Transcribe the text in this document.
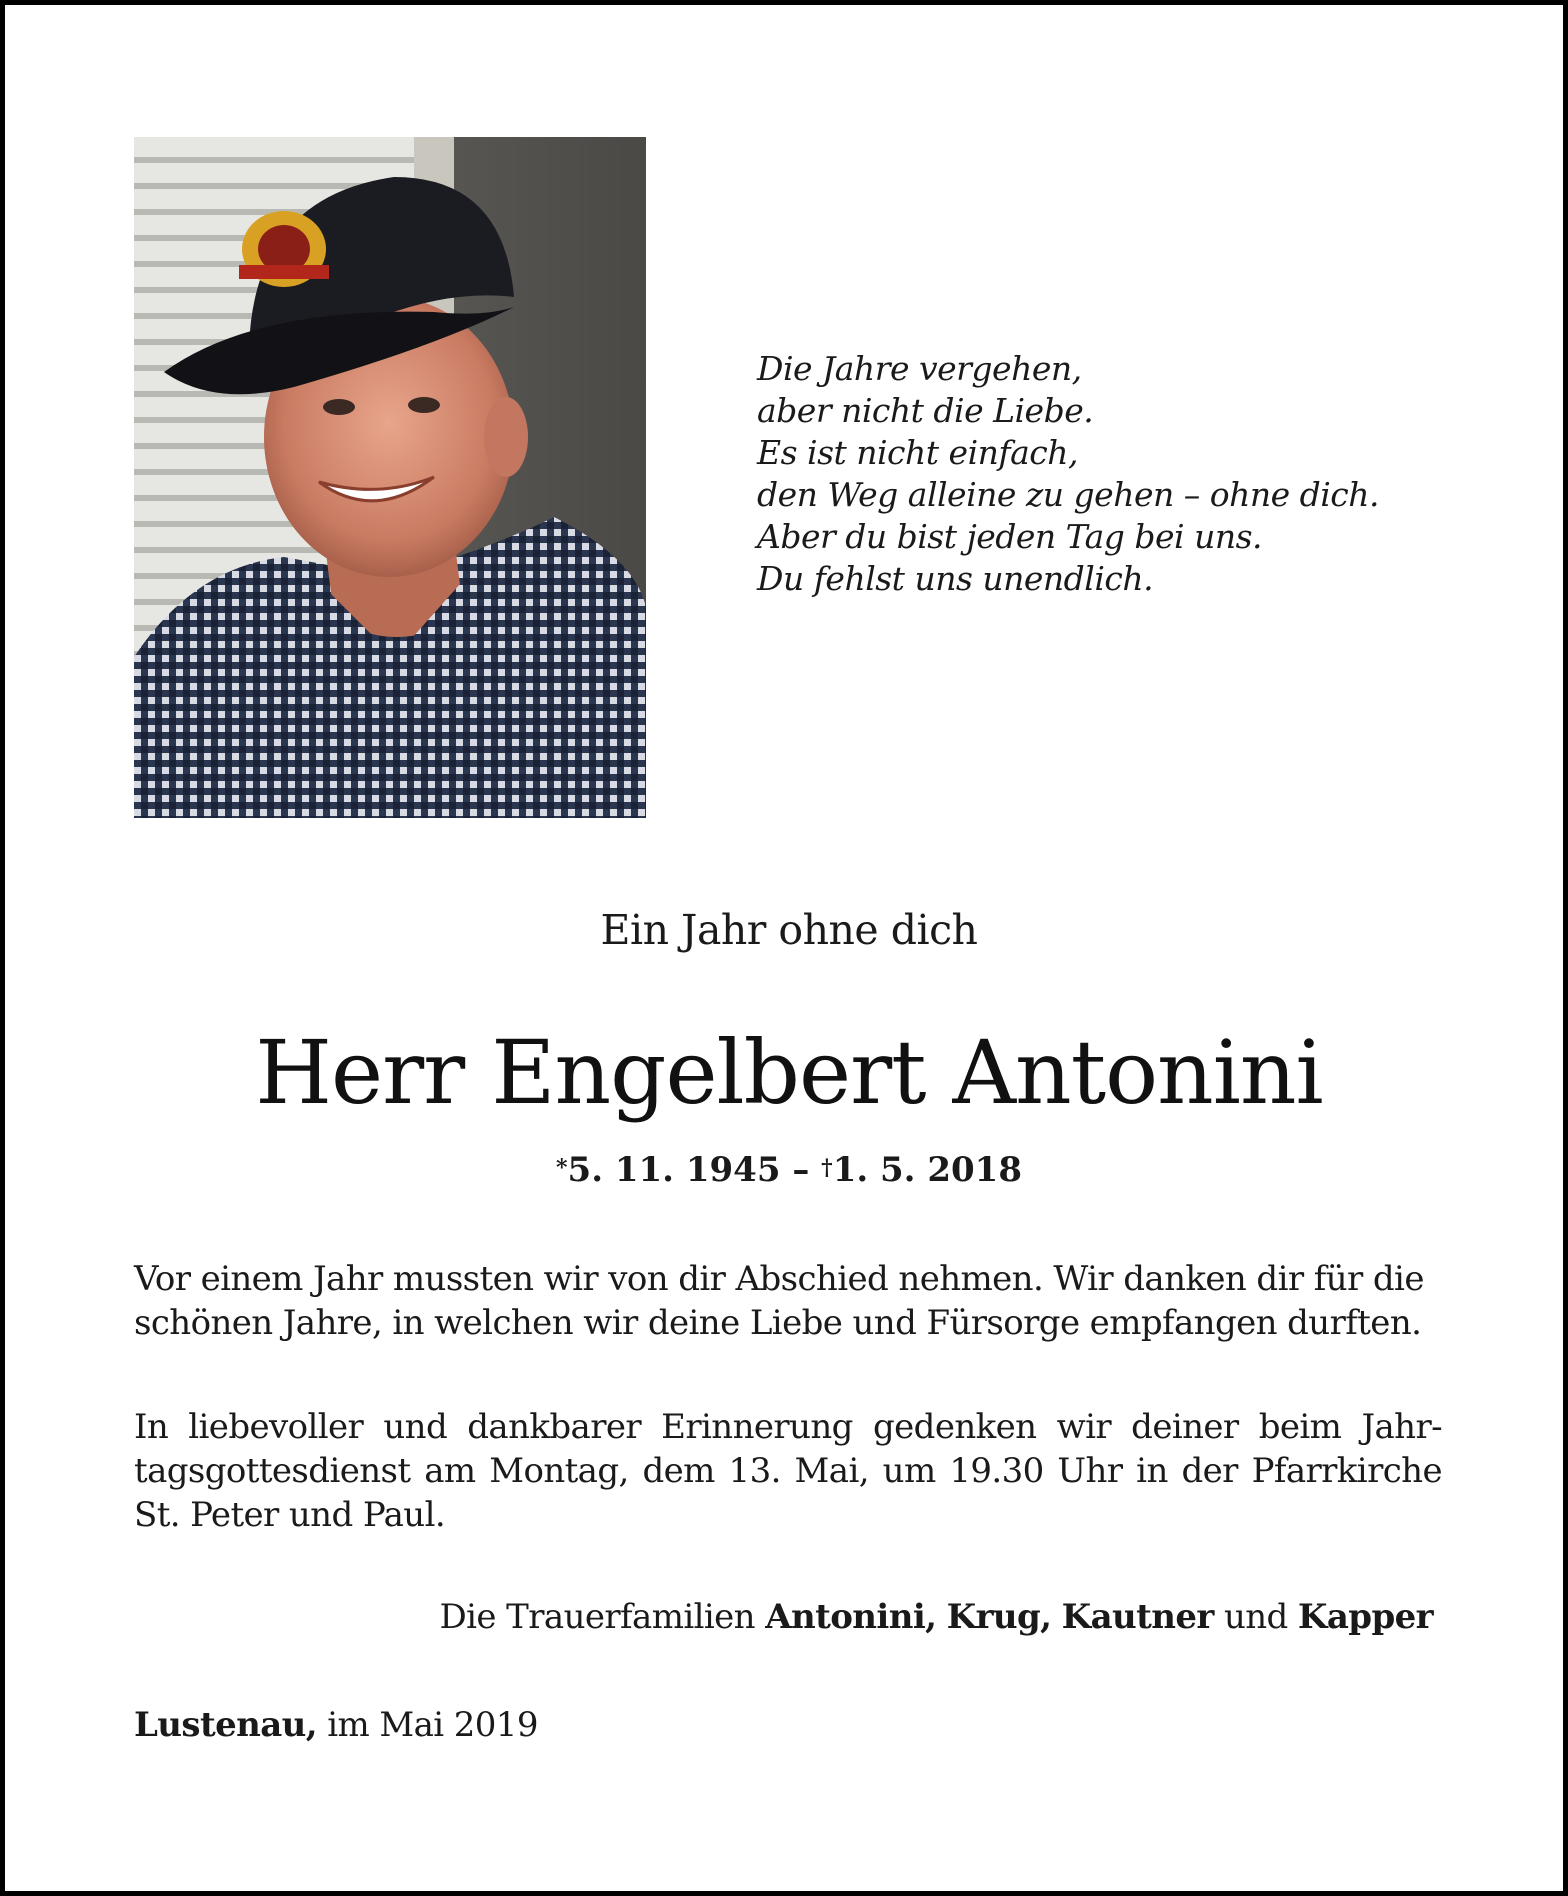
Die Jahre vergehen,
aber nicht die Liebe.
Es ist nicht einfach,
den Weg alleine zu gehen – ohne dich.
Aber du bist jeden Tag bei uns.
Du fehlst uns unendlich.
Ein Jahr ohne dich
Herr Engelbert Antonini
*5. 11. 1945 – †1. 5. 2018
Vor einem Jahr mussten wir von dir Abschied nehmen. Wir danken dir für die
schönen Jahre, in welchen wir deine Liebe und Fürsorge empfangen durften.
In liebevoller und dankbarer Erinnerung gedenken wir deiner beim Jahr-
tagsgottesdienst am Montag, dem 13. Mai, um 19.30 Uhr in der Pfarrkirche
St. Peter und Paul.
Die Trauerfamilien Antonini, Krug, Kautner und Kapper
Lustenau, im Mai 2019
